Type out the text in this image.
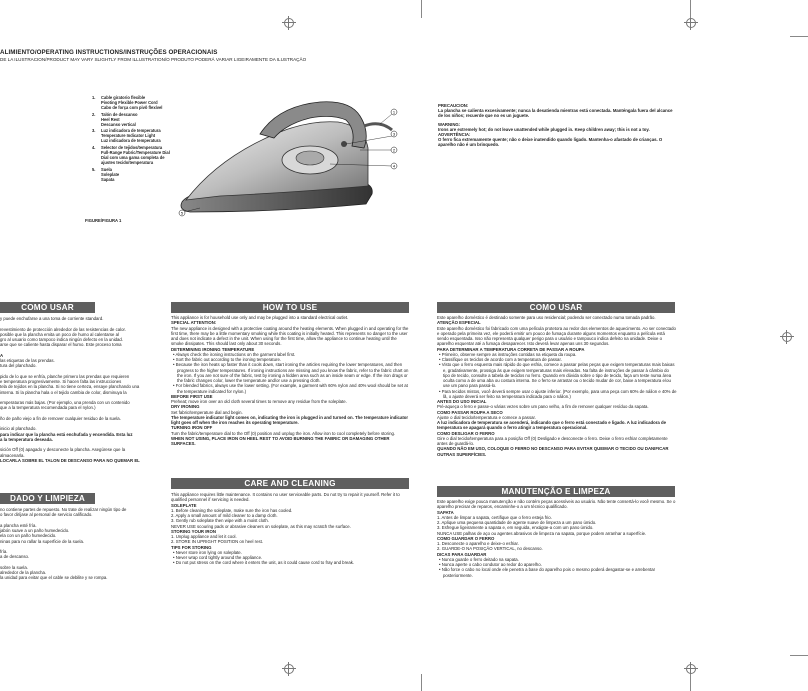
ALIMIENTO/OPERATING INSTRUCTIONS/INSTRUÇÕES OPERACIONAIS
DE LA ILUSTRACION/PRODUCT MAY VARY SLIGHTLY FROM ILLUSTRATION/O PRODUTO PODERÁ VARIAR LIGEIRAMENTE DA ILUSTRAÇÃO
1.	Cable giratorio flexible
Pivoting Flexible Power Cord
Cabo de força com pivô flexível
2.	Talón de descanso
Heel Rest
Descanso vertical
3.	Luz indicadora de temperatura
Temperature Indicator Light
Luz indicadora de temperatura
4.	Selector de tejidos/temperatura
Full-Range Fabric/Temperature Dial
Dial com uma gama completa de
ajustes tecido/temperatura
5.	Suela
Soleplate
Sapata
1
2
3
4
5
FIGURE/FIGURA 1

PRECAUCION:

La plancha se calienta excesivamente; nunca la desatienda mientras está conectada. Manténgala fuera del alcance de los niños; recuerde que no es un juguete.

WARNING:

Irons are extremely hot; do not leave unattended while plugged in. Keep children away; this is not a toy.

ADVERTÊNCIA:

O ferro fica extremamente quente; não o deixe inatendido quando ligado. Mantenha-o afastado de crianças. O aparelho não é um brinquedo.

COMO USAR

y puede enchufarse a una toma de corriente standard.

revestimiento de protección alrededor de las resistencias de calor.

posible que la plancha emita un poco de humo al calentarse al

gro al usuario como tampoco indica ningún defecto en la unidad.

arse que se caliente hasta disparar el humo. Este proceso toma

A

las etiquetas de las prendas.

tura del planchado.

pido de lo que se enfría, planche primero las prendas que requieren

e temperatura progresivamente. Si hacen falta las instrucciones

tela de tejidos en la plancha. Si no tiene certeza, ensaye planchando una

interna. Si la plancha hala o el tejido cambia de color, disminuya la

emperaturas más bajas. (Por ejemplo, una prenda con un contenido

que a la temperatura recomendada para el nylon.)

ño de paño viejo a fin de remover cualquier residuo de la suela.

inicio al planchado.

para indicar que la plancha está enchufada y encendida. Esta luz

a la temperatura deseada.

sición Off (0) apagado y desconecte la plancha. Asegúrese que la

almacenarla.

LOCARLA SOBRE EL TALON DE DESCANSO PARA NO QUEMAR EL

DADO Y LIMPIEZA

no contiene partes de repuesto. No trate de realizar ningún tipo de

o favor diríjase al personal de servicio calificado.

a plancha esté fría.

jabón suave a un paño humedecido.

ela con un paño humedecido.

ninas para no rallar la superficie de la suela.

fría.

a de descanso.

sobre la suela.

alrededor de la plancha.

la unidad para evitar que el cable se debilite y se rompa.

HOW TO USE

This appliance is for household use only and may be plugged into a standard electrical outlet.

SPECIAL ATTENTION:

The new appliance is designed with a protective coating around the heating elements. When plugged in and operating for the first time, there may be a little momentary smoking while this coating is initially heated. This represents no danger to the user and does not indicate a defect in the unit. When using for the first time, allow the appliance to continue heating until the smoke dissipates. This should last only about 30 seconds.

DETERMINING IRONING TEMPERATURE

• Always check the ironing instructions on the garment label first.

• Sort the fabric out according to the ironing temperature.

• Because the iron heats up faster than it cools down, start ironing the articles requiring the lower temperatures, and then progress to the higher temperatures. If ironing instructions are missing and you know the fabric, refer to the fabric chart on the iron. If you are not sure of the fabric, test by ironing a hidden area such as an inside seam or edge. If the iron drags or the fabric changes color, lower the temperature and/or use a pressing cloth.

• For blended fabrics, always use the lower setting. (For example, a garment with 60% nylon and 40% wool should be set at the temperature indicated for nylon.)

BEFORE FIRST USE

Preheat; move iron over an old cloth several times to remove any residue from the soleplate.

DRY IRONING

Set fabric/temperature dial and begin.

The temperature indicator light comes on, indicating the iron is plugged in and turned on. The temperature indicator light goes off when the iron reaches its operating temperature.

TURNING IRON OFF

Turn the fabric/temperature dial to the Off (0) position and unplug the iron. Allow iron to cool completely before storing.

WHEN NOT USING, PLACE IRON ON HEEL REST TO AVOID BURNING THE FABRIC OR DAMAGING OTHER SURFACES.

CARE AND CLEANING

This appliance requires little maintenance. It contains no user serviceable parts. Do not try to repair it yourself. Refer it to qualified personnel if servicing is needed.

SOLEPLATE

1. Before cleaning the soleplate, make sure the iron has cooled.

2. Apply a small amount of mild cleaner to a damp cloth.

3. Gently rub soleplate then wipe with a moist cloth.

NEVER USE scouring pads or abrasive cleaners on soleplate, as this may scratch the surface.

STORING YOUR IRON

1. Unplug appliance and let it cool.

2. STORE IN UPRIGHT POSITION on heel rest.

TIPS FOR STORING

• Never store iron lying on soleplate.

• Never wrap cord tightly around the appliance.

• Do not put stress on the cord where it enters the unit, as it could cause cord to fray and break.

COMO USAR

Este aparelho doméstico é destinado somente para uso residencial; podendo ser conectado numa tomada padrão.

ATENÇÃO ESPECIAL

Este aparelho doméstico foi fabricado com uma película protetora ao redor dos elementos de aquecimento. Ao ser conectado e operado pela primeira vez, ele poderá emitir um pouco de fumaça durante alguns momentos enquanto a película está sendo esquentada. Isso não representa qualquer perigo para o usuário e tampouco indica defeito na unidade. Deixe o aparelho esquentar até a fumaça desaparecer. Isto deverá levar apenas uns 30 segundos.

PARA DETERMINAR A TEMPERATURA CORRETA DE PASSAR A ROUPA

• Primeiro, observe sempre as instruções contidas na etiqueta da roupa.

• Classifique os tecidos de acordo com a temperatura de passar.

• Visto que o ferro esquenta mais rápido do que esfria, comece a passar pelas peças que exigem temperaturas mais baixas e, gradativamente, prossiga às que exigem temperaturas mais elevadas. Na falta de instruções de passar à câmbio do tipo de tecido, consulte a tabela de tecidos no ferro. Quando em dúvida sobre o tipo de tecido, faça um teste numa área oculta como a de uma aba ou costura interna. Se o ferro se arrastar ou o tecido mudar de cor, baixe a temperatura e/ou use um pano para passá-lo.

• Para tecidos mistos, você deverá sempre usar o ajuste inferior. (Por exemplo, para uma peça com 60% de náilon e 40% de lã, o ajuste deverá ser feito na temperatura indicada para o náilon.)

ANTES DO USO INICIAL

Pré-aqueça o ferro e passe-o várias vezes sobre um pano velho, a fim de remover qualquer resíduo da sapata.

COMO PASSAR ROUPA A SECO

Ajuste o dial tecido/temperatura e comece a passar.

A luz indicadora de temperatura se acenderá, indicando que o ferro está conectado e ligado. A luz indicadora de temperatura se apagará quando o ferro atingir a temperatura operacional.

COMO DESLIGAR O FERRO

Gire o dial tecido/temperatura para a posição Off (0) Desligado e desconecte o ferro. Deixe o ferro esfriar completamente antes de guardá-lo.

QUANDO NÃO EM USO, COLOQUE O FERRO NO DESCANSO PARA EVITAR QUEIMAR O TECIDO OU DANIFICAR OUTRAS SUPERFÍCIES.

MANUTENÇÃO E LIMPEZA

Este aparelho exige pouca manutenção e não contém peças acessíveis ao usuário. Não tente consertá-lo você mesmo. Se o aparelho precisar de reparos, encaminhe-o a um técnico qualificado.

SAPATA

1. Antes de limpar a sapata, certifique que o ferro esteja frio.

2. Aplique uma pequena quantidade de agente suave de limpeza a um pano úmido.

3. Esfregue ligeiramente a sapata e, em seguida, enxágüe-a com um pano úmido.

NUNCA USE palhas de aço ou agentes abrasivos de limpeza na sapata, porque podem arranhar a superfície.

COMO GUARDAR O FERRO

1. Desconecte o aparelho e deixe-o esfriar.

2. GUARDE-O NA POSIÇÃO VERTICAL, no descanso.

DICAS PARA GUARDAR

• Nunca guarde o ferro deitado na sapata.

• Nunca aperte o cabo condutor ao redor do aparelho.

• Não force o cabo no local onde ele penetra a base do aparelho pois o mesmo poderá desgastar-se e arrebentar posteriormente.
